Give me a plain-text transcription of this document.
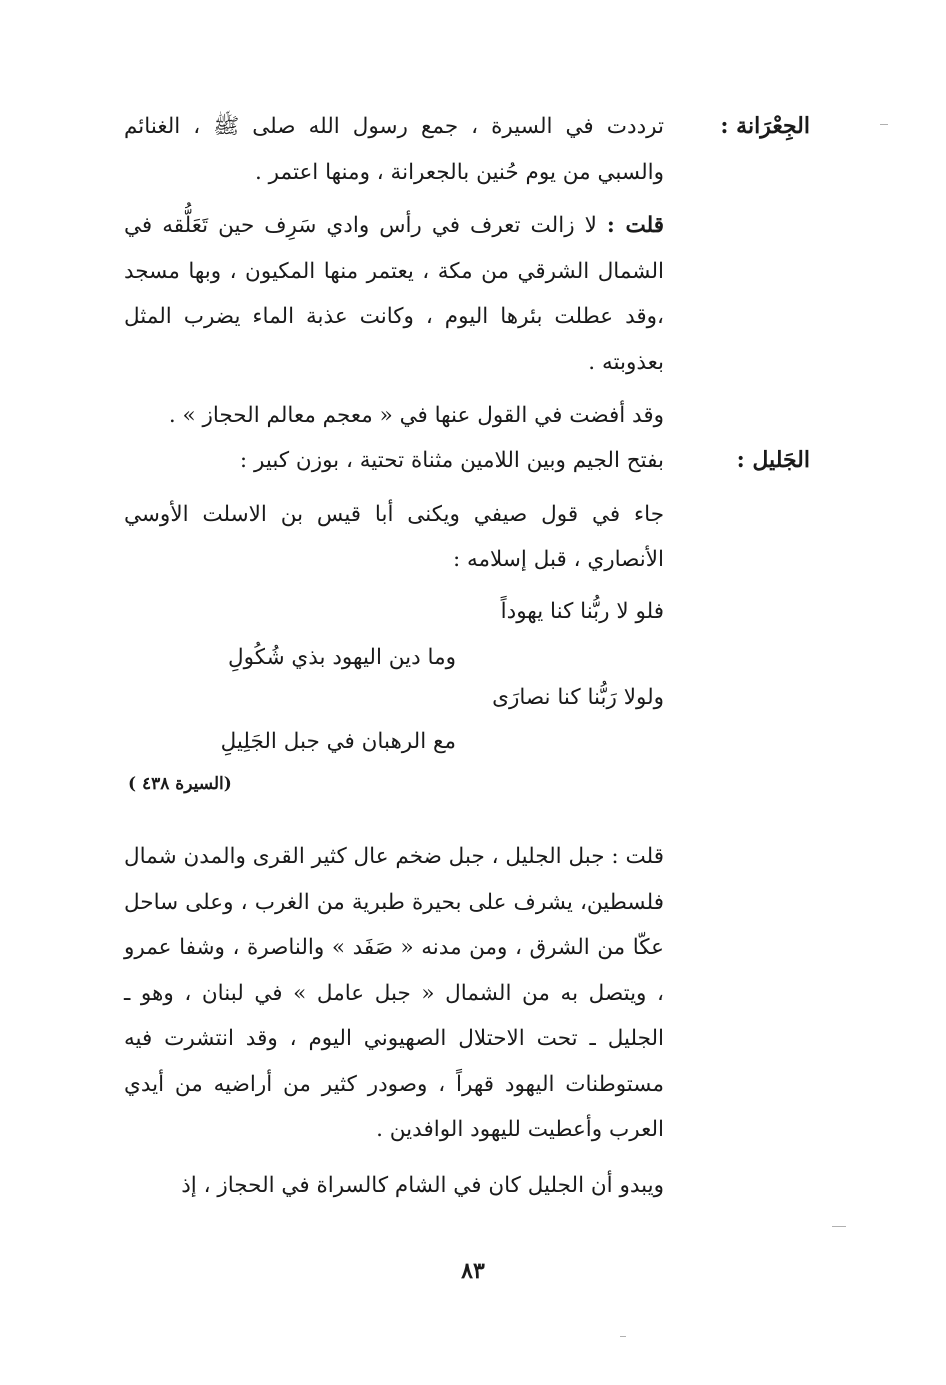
الجِعْرَانة :

ترددت في السيرة ، جمع رسول الله صلى ﷺ ، الغنائم والسبي من يوم حُنين بالجعرانة ، ومنها اعتمر .

قلت : لا زالت تعرف في رأس وادي سَرِف حين تَعَلُّقه في الشمال الشرقي من مكة ، يعتمر منها المكيون ، وبها مسجد ،وقد عطلت بئرها اليوم ، وكانت عذبة الماء يضرب المثل بعذوبته .

وقد أفضت في القول عنها في « معجم معالم الحجاز » .

الجَليل :

بفتح الجيم وبين اللامين مثناة تحتية ، بوزن كبير :

جاء في قول صيفي ويكنى أبا قيس بن الاسلت الأوسي الأنصاري ، قبل إسلامه :

فلو لا ربُّنا كنا يهوداً
وما دين اليهود بذي شُكُولِ
ولولا رَبُّنا كنا نصارَى
مع الرهبان في جبل الجَلِيلِ
(السيرة ٤٣٨ )

قلت : جبل الجليل ، جبل ضخم عال كثير القرى والمدن شمال فلسطين، يشرف على بحيرة طبرية من الغرب ، وعلى ساحل عكّا من الشرق ، ومن مدنه « صَفَد » والناصرة ، وشفا عمرو ، ويتصل به من الشمال « جبل عامل » في لبنان ، وهو ـ الجليل ـ تحت الاحتلال الصهيوني اليوم ، وقد انتشرت فيه مستوطنات اليهود قهراً ، وصودر كثير من أراضيه من أيدي العرب وأعطيت لليهود الوافدين .

ويبدو أن الجليل كان في الشام كالسراة في الحجاز ، إذ

٨٣
